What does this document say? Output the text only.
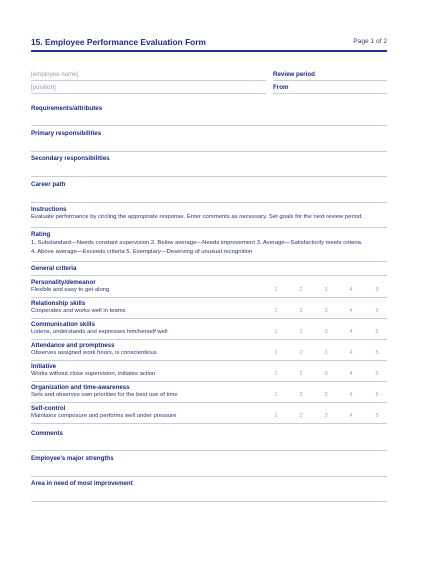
15. Employee Performance Evaluation Form	Page 1 of 2
[employee name]	Review period
[position]	From
Requirements/attributes
Primary responsibilities
Secondary responsibilities
Career path
Instructions
Evaluate performance by circling the appropriate response. Enter comments as necessary. Set goals for the next review period.
Rating
1. Substandard—Needs constant supervision 2. Below average—Needs improvement 3. Average—Satisfactorily meets criteria
4. Above average—Exceeds criteria 5. Exemplary—Deserving of unusual recognition
General criteria
Personality/demeanor
Flexible and easy to get along	1	2	3	4	5
Relationship skills
Cooperates and works well in teams	1	2	3	4	5
Communication skills
Listens, understands and expresses him/herself well	1	2	3	4	5
Attendance and promptness
Observes assigned work hours, is conscientious	1	2	3	4	5
Initiative
Works without close supervision, initiates action	1	2	3	4	5
Organization and time-awareness
Sets and observes own priorities for the best use of time	1	2	3	4	5
Self-control
Maintains composure and performs well under pressure	1	2	3	4	5
Comments
Employee’s major strengths
Area in need of most improvement
